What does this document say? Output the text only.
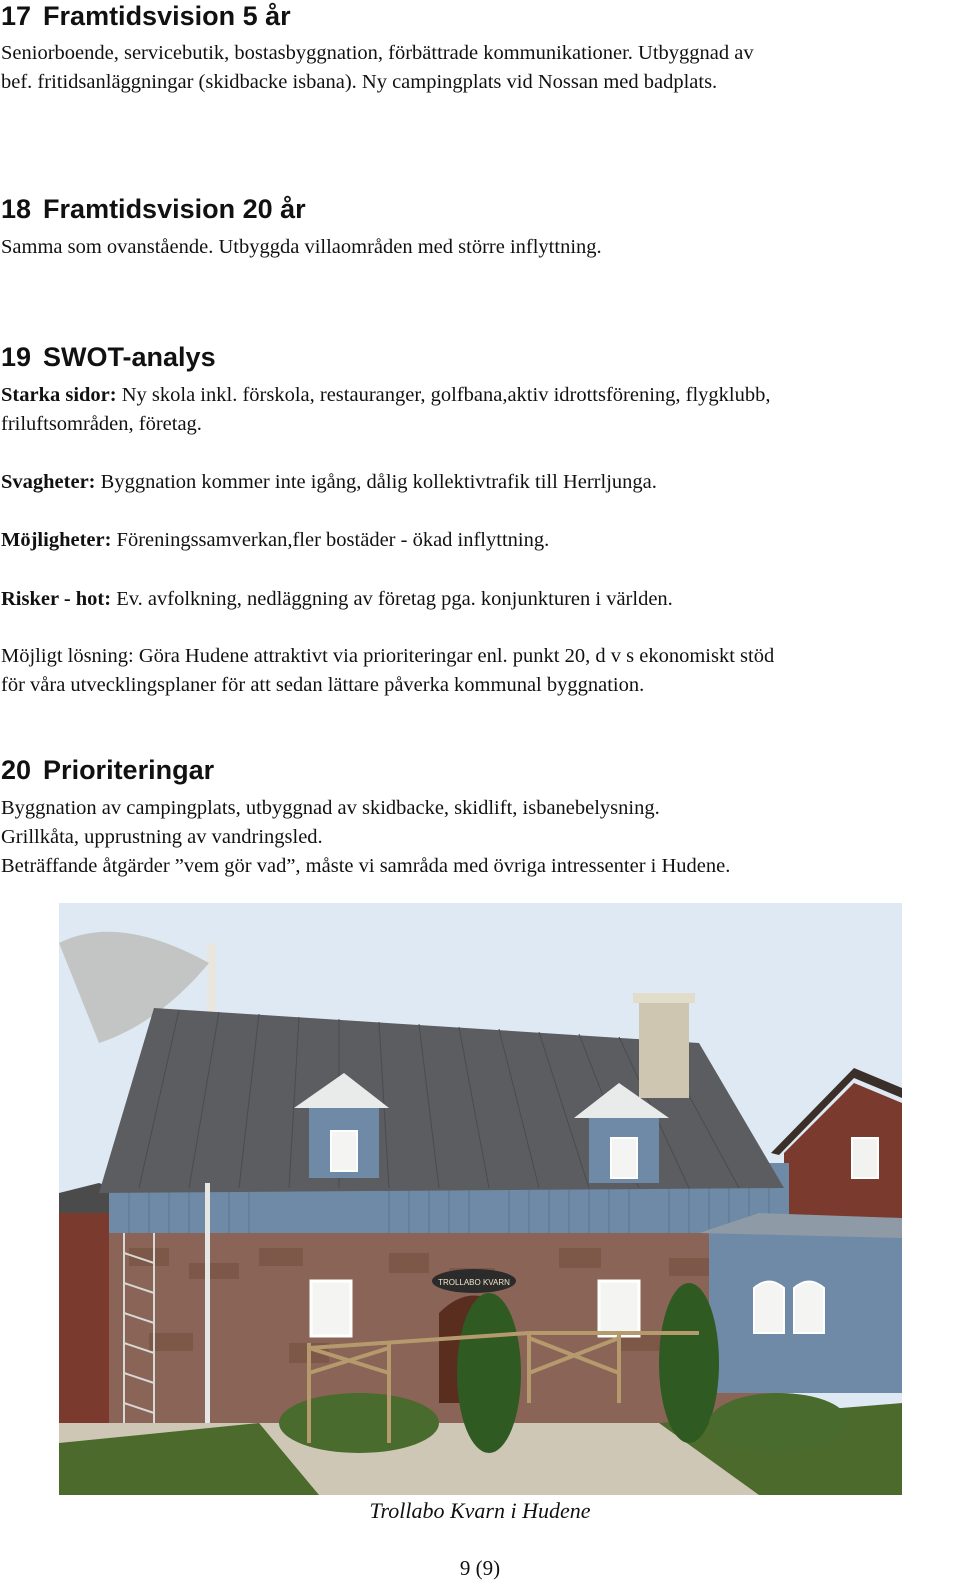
17 Framtidsvision 5 år

Seniorboende, servicebutik, bostasbyggnation, förbättrade kommunikationer. Utbyggnad av

bef. fritidsanläggningar (skidbacke isbana). Ny campingplats vid Nossan med badplats.

18 Framtidsvision 20 år

Samma som ovanstående. Utbyggda villaområden med större inflyttning.

19 SWOT-analys

Starka sidor: Ny skola inkl. förskola, restauranger, golfbana,aktiv idrottsförening, flygklubb,

friluftsområden, företag.

Svagheter: Byggnation kommer inte igång, dålig kollektivtrafik till Herrljunga.

Möjligheter: Föreningssamverkan,fler bostäder - ökad inflyttning.

Risker - hot: Ev. avfolkning, nedläggning av företag pga. konjunkturen i världen.

Möjligt lösning: Göra Hudene attraktivt via prioriteringar enl. punkt 20, d v s ekonomiskt stöd

för våra utvecklingsplaner för att sedan lättare påverka kommunal byggnation.

20 Prioriteringar

Byggnation av campingplats, utbyggnad av skidbacke, skidlift, isbanebelysning.

Grillkåta, upprustning av vandringsled.

Beträffande åtgärder ”vem gör vad”, måste vi samråda med övriga intressenter i Hudene.

TROLLABO KVARN

Trollabo Kvarn i Hudene

9 (9)
